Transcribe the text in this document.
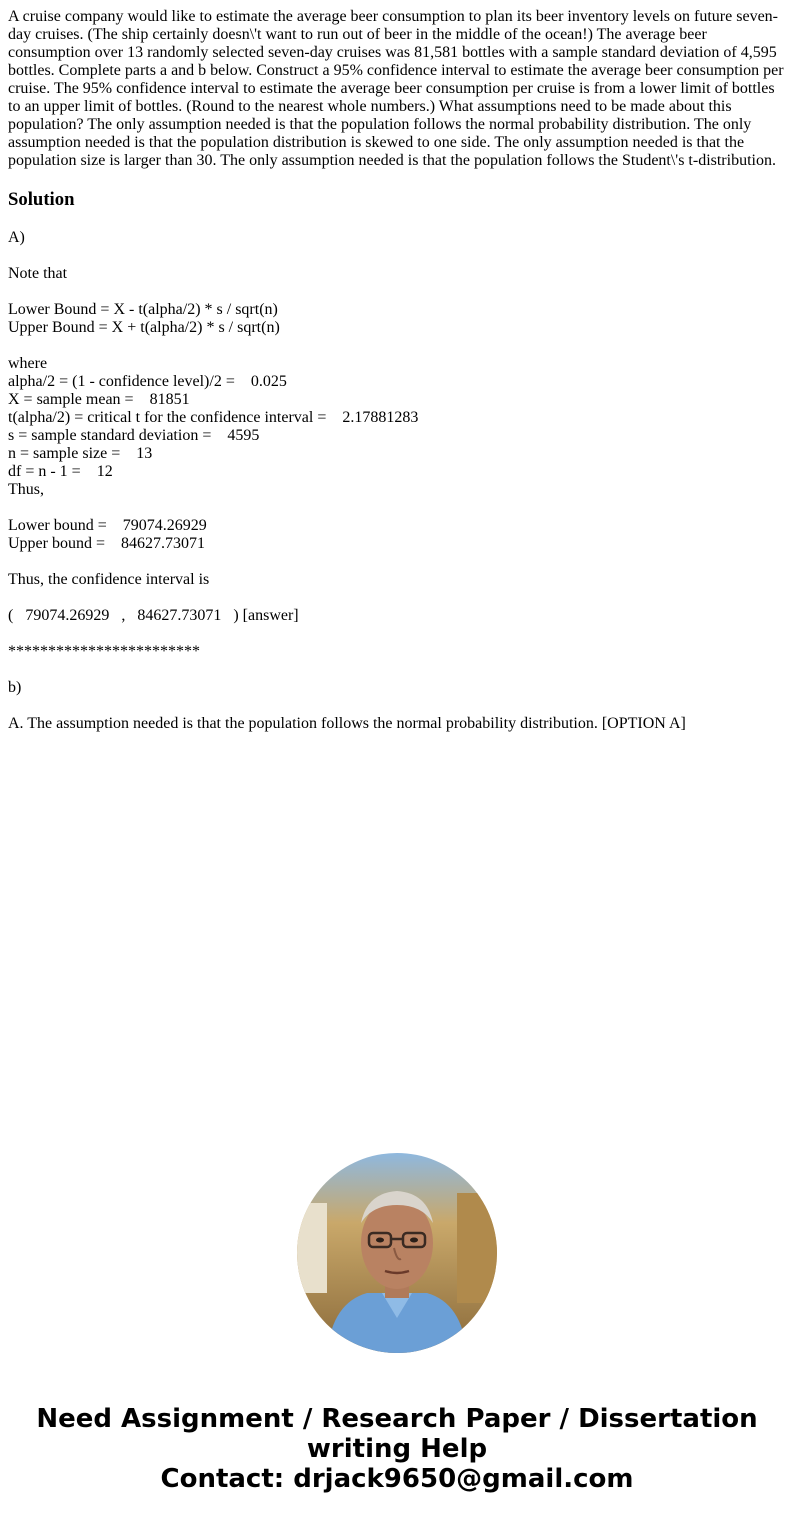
A cruise company would like to estimate the average beer consumption to plan its beer inventory levels on future seven-day cruises. (The ship certainly doesn\'t want to run out of beer in the middle of the ocean!) The average beer consumption over 13 randomly selected seven-day cruises was 81,581 bottles with a sample standard deviation of 4,595 bottles. Complete parts a and b below. Construct a 95% confidence interval to estimate the average beer consumption per cruise. The 95% confidence interval to estimate the average beer consumption per cruise is from a lower limit of bottles to an upper limit of bottles. (Round to the nearest whole numbers.) What assumptions need to be made about this population? The only assumption needed is that the population follows the normal probability distribution. The only assumption needed is that the population distribution is skewed to one side. The only assumption needed is that the population size is larger than 30. The only assumption needed is that the population follows the Student\'s t-distribution.
Solution
A)
Note that
Lower Bound = X - t(alpha/2) * s / sqrt(n)
Upper Bound = X + t(alpha/2) * s / sqrt(n)
where
alpha/2 = (1 - confidence level)/2 =    0.025
X = sample mean =    81851
t(alpha/2) = critical t for the confidence interval =    2.17881283
s = sample standard deviation =    4595
n = sample size =    13
df = n - 1 =    12
Thus,
Lower bound =    79074.26929
Upper bound =    84627.73071
Thus, the confidence interval is
(   79074.26929   ,   84627.73071   ) [answer]
************************
b)
A. The assumption needed is that the population follows the normal probability distribution. [OPTION A]
Need Assignment / Research Paper / Dissertation
writing Help
Contact: drjack9650@gmail.com
